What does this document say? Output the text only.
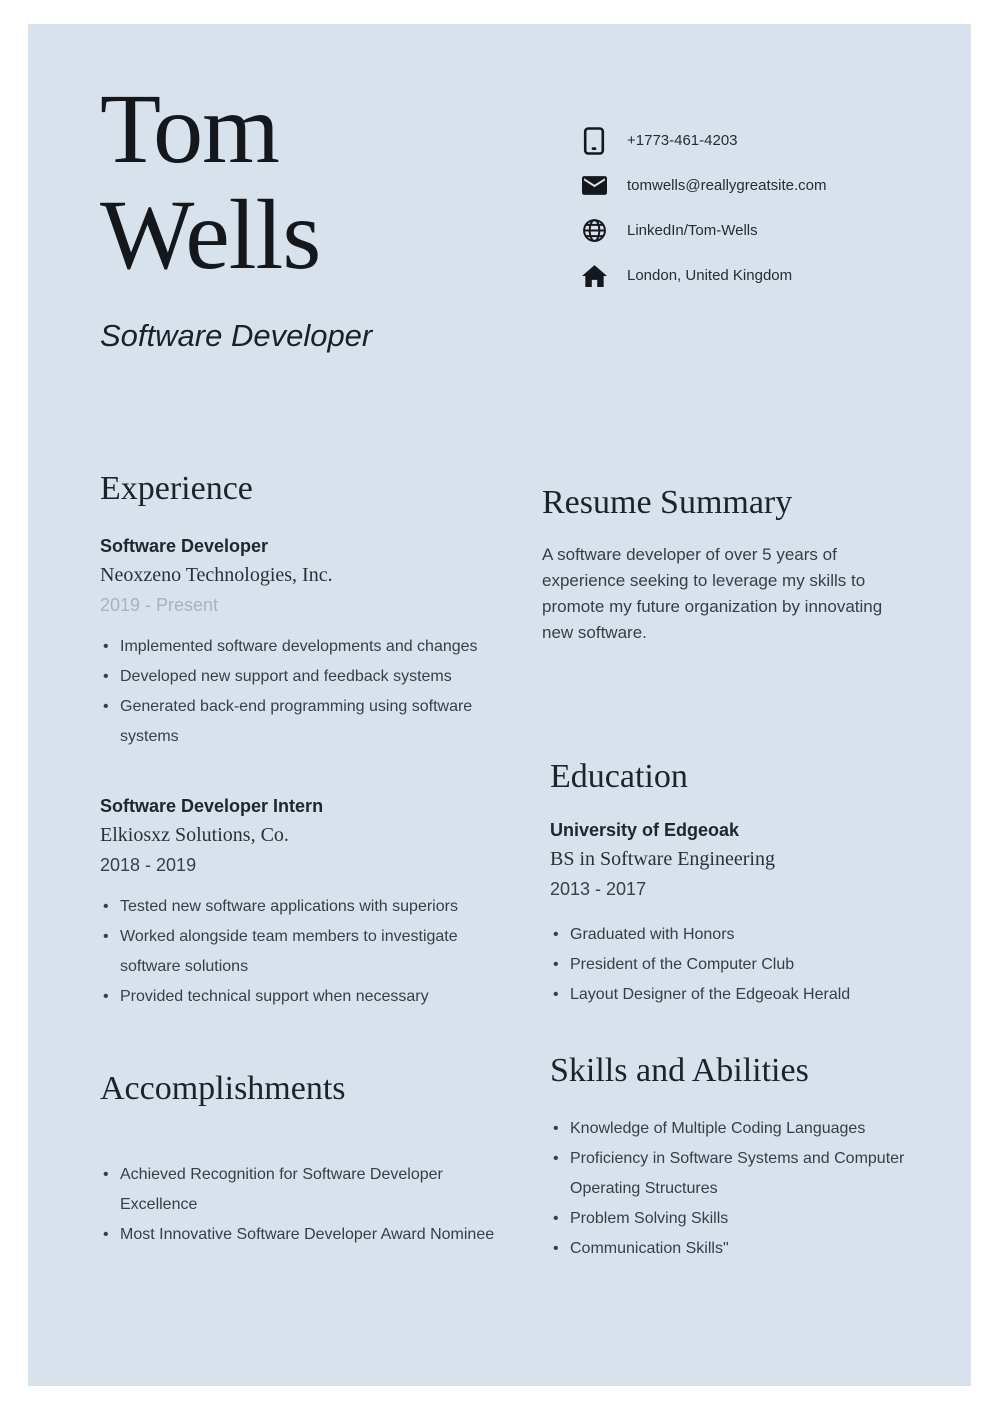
Tom
Wells
Software Developer
+1773-461-4203
tomwells@reallygreatsite.com
LinkedIn/Tom-Wells
London, United Kingdom
Experience
Software Developer
Neoxzeno Technologies, Inc.
2019 - Present
• Implemented software developments and changes
• Developed new support and feedback systems
• Generated back-end programming using software systems
Software Developer Intern
Elkiosxz Solutions, Co.
2018 - 2019
• Tested new software applications with superiors
• Worked alongside team members to investigate software solutions
• Provided technical support when necessary
Accomplishments
• Achieved Recognition for Software Developer Excellence
• Most Innovative Software Developer Award Nominee
Resume Summary

A software developer of over 5 years of experience seeking to leverage my skills to promote my future organization by innovating new software.

Education
University of Edgeoak
BS in Software Engineering
2013 - 2017
• Graduated with Honors
• President of the Computer Club
• Layout Designer of the Edgeoak Herald
Skills and Abilities
• Knowledge of Multiple Coding Languages
• Proficiency in Software Systems and Computer Operating Structures
• Problem Solving Skills
• Communication Skills"
